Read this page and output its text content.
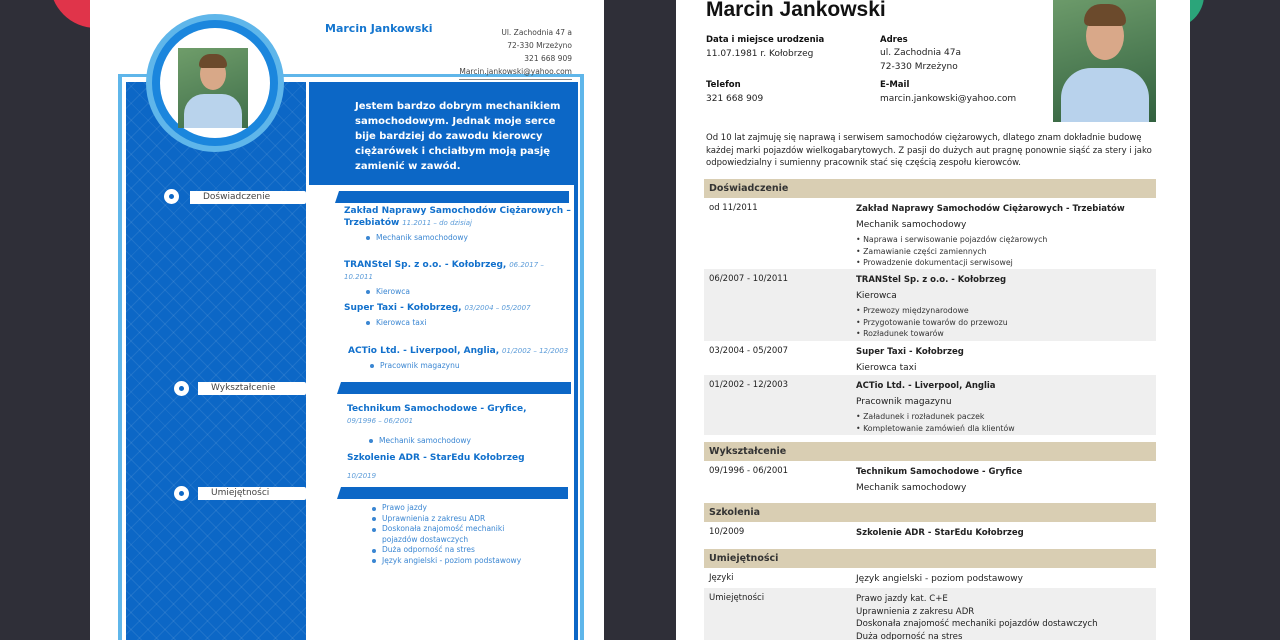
Marcin Jankowski	Ul. Zachodnia 47 a
72-330 Mrzeżyno
321 668 909
Marcin.jankowski@yahoo.com
Jestem bardzo dobrym mechanikiem samochodowym. Jednak moje serce bije bardziej do zawodu kierowcy ciężarówek i chciałbym moją pasję zamienić w zawód.
Doświadczenie
Zakład Naprawy Samochodów Ciężarowych – Trzebiatów 11.2011 – do dzisiaj
Mechanik samochodowy
TRANStel Sp. z o.o. - Kołobrzeg, 06.2017 – 10.2011
Kierowca
Super Taxi - Kołobrzeg, 03/2004 – 05/2007
Kierowca taxi
ACTio Ltd. - Liverpool, Anglia, 01/2002 – 12/2003
Pracownik magazynu
Wykształcenie
Technikum Samochodowe - Gryfice,
09/1996 – 06/2001
Mechanik samochodowy
Szkolenie ADR - StarEdu Kołobrzeg
10/2019
Umiejętności
Prawo jazdy
Uprawnienia z zakresu ADR
Doskonała znajomość mechaniki pojazdów dostawczych
Duża odporność na stres
Język angielski - poziom podstawowy
Marcin Jankowski
Data i miejsce urodzenia
11.07.1981 r. Kołobrzeg
Adres
ul. Zachodnia 47a
72-330 Mrzeżyno
Telefon
321 668 909
E-Mail
marcin.jankowski@yahoo.com
Od 10 lat zajmuję się naprawą i serwisem samochodów ciężarowych, dlatego znam dokładnie budowę każdej marki pojazdów wielkogabarytowych. Z pasji do dużych aut pragnę ponownie siąść za stery i jako odpowiedzialny i sumienny pracownik stać się częścią zespołu kierowców.
Doświadczenie
od 11/2011	Zakład Naprawy Samochodów Ciężarowych - Trzebiatów
Mechanik samochodowy
• Naprawa i serwisowanie pojazdów ciężarowych
• Zamawianie części zamiennych
• Prowadzenie dokumentacji serwisowej
06/2007 - 10/2011	TRANStel Sp. z o.o. - Kołobrzeg
Kierowca
• Przewozy międzynarodowe
• Przygotowanie towarów do przewozu
• Rozładunek towarów
03/2004 - 05/2007	Super Taxi - Kołobrzeg
Kierowca taxi
01/2002 - 12/2003	ACTio Ltd. - Liverpool, Anglia
Pracownik magazynu
• Załadunek i rozładunek paczek
• Kompletowanie zamówień dla klientów
Wykształcenie
09/1996 - 06/2001	Technikum Samochodowe - Gryfice
Mechanik samochodowy
Szkolenia
10/2009	Szkolenie ADR - StarEdu Kołobrzeg
Umiejętności
Języki	Język angielski - poziom podstawowy
Umiejętności	Prawo jazdy kat. C+E
Uprawnienia z zakresu ADR
Doskonała znajomość mechaniki pojazdów dostawczych
Duża odporność na stres
